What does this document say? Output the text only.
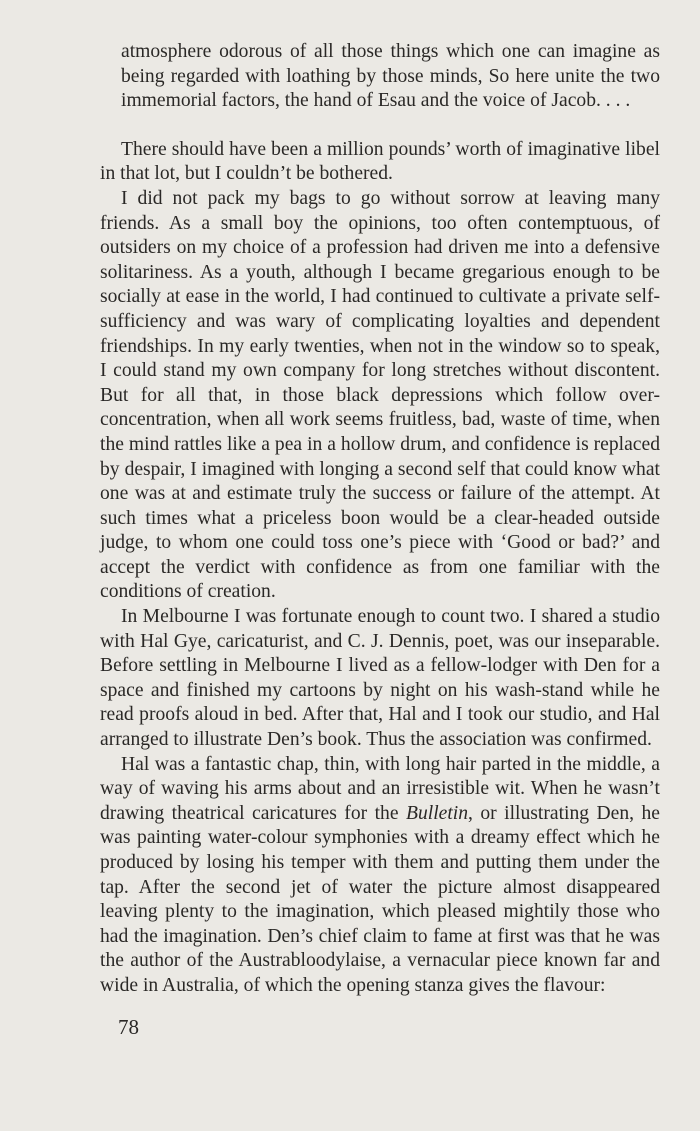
atmosphere odorous of all those things which one can imagine as being regarded with loathing by those minds, So here unite the two immemorial factors, the hand of Esau and the voice of Jacob. . . .

There should have been a million pounds’ worth of imaginative libel in that lot, but I couldn’t be bothered.

I did not pack my bags to go without sorrow at leaving many friends. As a small boy the opinions, too often contemptuous, of outsiders on my choice of a profession had driven me into a defensive solitariness. As a youth, although I became gregarious enough to be socially at ease in the world, I had continued to cultivate a private self-sufficiency and was wary of complicating loyalties and dependent friendships. In my early twenties, when not in the window so to speak, I could stand my own company for long stretches without discontent. But for all that, in those black depressions which follow over-concentration, when all work seems fruitless, bad, waste of time, when the mind rattles like a pea in a hollow drum, and confidence is replaced by despair, I imagined with longing a second self that could know what one was at and estimate truly the success or failure of the attempt. At such times what a priceless boon would be a clear-headed outside judge, to whom one could toss one’s piece with ‘Good or bad?’ and accept the verdict with confidence as from one familiar with the conditions of creation.

In Melbourne I was fortunate enough to count two. I shared a studio with Hal Gye, caricaturist, and C. J. Dennis, poet, was our inseparable. Before settling in Melbourne I lived as a fellow-lodger with Den for a space and finished my cartoons by night on his wash-stand while he read proofs aloud in bed. After that, Hal and I took our studio, and Hal arranged to illustrate Den’s book. Thus the association was confirmed.

Hal was a fantastic chap, thin, with long hair parted in the middle, a way of waving his arms about and an irresistible wit. When he wasn’t drawing theatrical caricatures for the Bulletin, or illustrating Den, he was painting water-colour symphonies with a dreamy effect which he produced by losing his temper with them and putting them under the tap. After the second jet of water the picture almost disappeared leaving plenty to the imagination, which pleased mightily those who had the imagination. Den’s chief claim to fame at first was that he was the author of the Austrabloodylaise, a vernacular piece known far and wide in Australia, of which the opening stanza gives the flavour:

78
